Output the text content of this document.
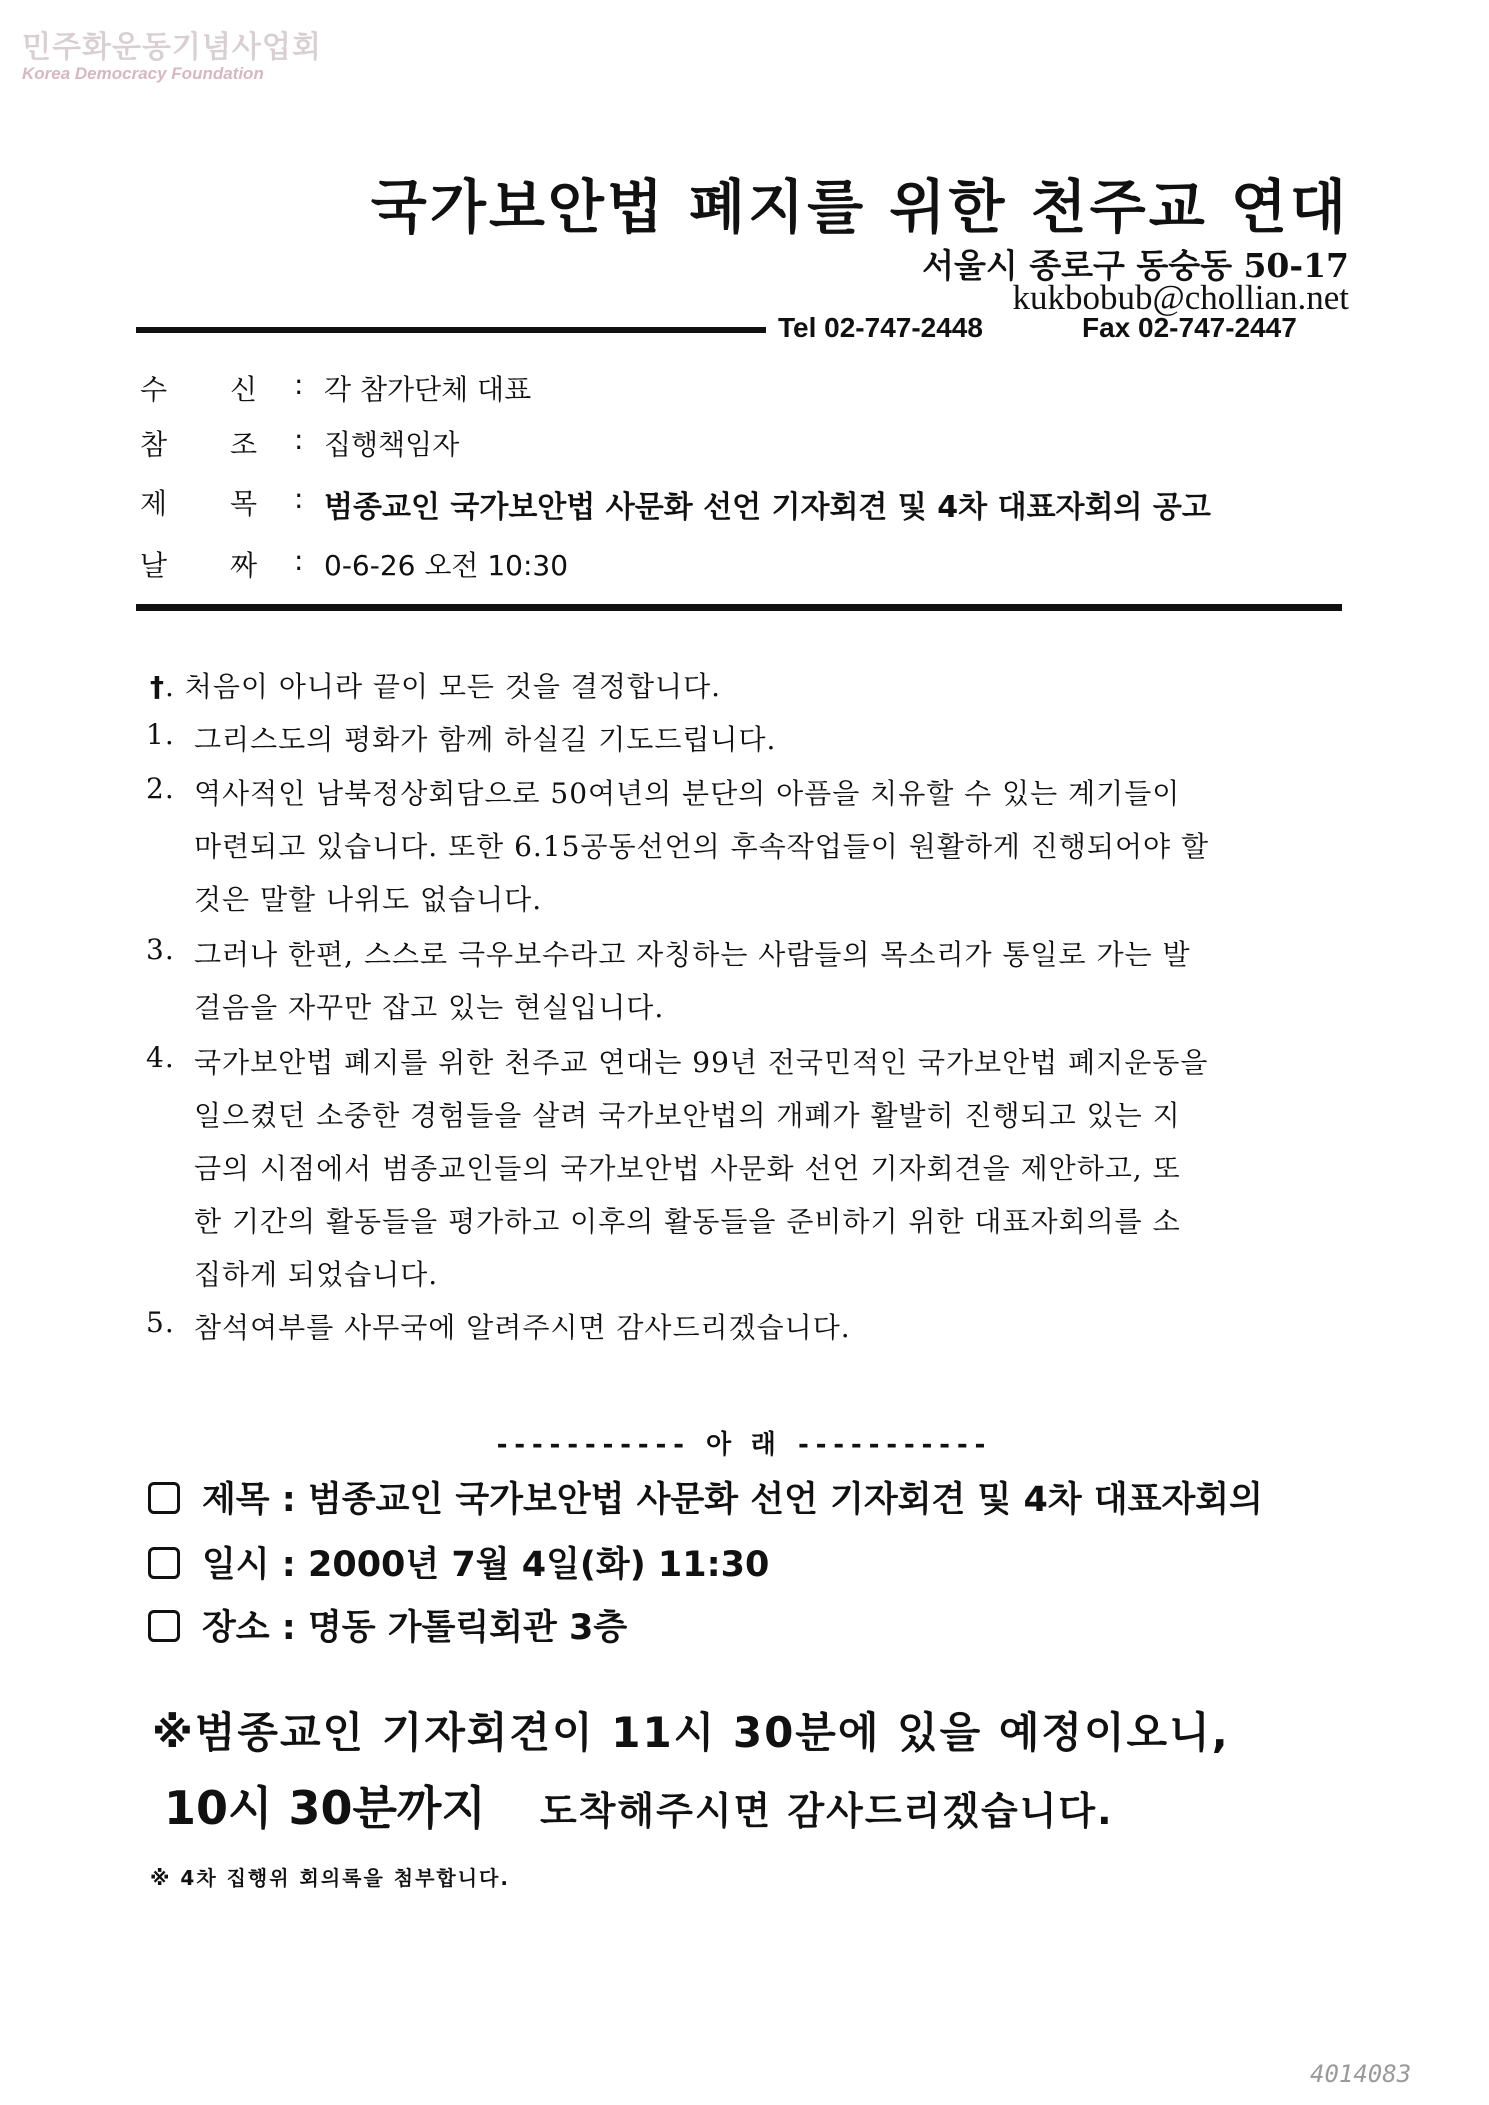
민주화운동기념사업회
Korea Democracy Foundation
국가보안법 폐지를 위한 천주교 연대
서울시 종로구 동숭동 50-17
kukbobub@chollian.net
Tel 02-747-2448	Fax 02-747-2447
수 신 : 각 참가단체 대표
참 조 : 집행책임자
제 목 : 범종교인 국가보안법 사문화 선언 기자회견 및 4차 대표자회의 공고
날 짜 : 0-6-26 오전 10:30
†. 처음이 아니라 끝이 모든 것을 결정합니다.
1. 그리스도의 평화가 함께 하실길 기도드립니다.
2. 역사적인 남북정상회담으로 50여년의 분단의 아픔을 치유할 수 있는 계기들이
마련되고 있습니다. 또한 6.15공동선언의 후속작업들이 원활하게 진행되어야 할
것은 말할 나위도 없습니다.
3. 그러나 한편, 스스로 극우보수라고 자칭하는 사람들의 목소리가 통일로 가는 발
걸음을 자꾸만 잡고 있는 현실입니다.
4. 국가보안법 폐지를 위한 천주교 연대는 99년 전국민적인 국가보안법 폐지운동을
일으켰던 소중한 경험들을 살려 국가보안법의 개폐가 활발히 진행되고 있는 지
금의 시점에서 범종교인들의 국가보안법 사문화 선언 기자회견을 제안하고, 또
한 기간의 활동들을 평가하고 이후의 활동들을 준비하기 위한 대표자회의를 소
집하게 되었습니다.
5. 참석여부를 사무국에 알려주시면 감사드리겠습니다.
----------- 아 래 -----------
제목 : 범종교인 국가보안법 사문화 선언 기자회견 및 4차 대표자회의
일시 : 2000년 7월 4일(화) 11:30
장소 : 명동 가톨릭회관 3층
※범종교인 기자회견이 11시 30분에 있을 예정이오니,
10시 30분까지 도착해주시면 감사드리겠습니다.
※ 4차 집행위 회의록을 첨부합니다.
4014083
